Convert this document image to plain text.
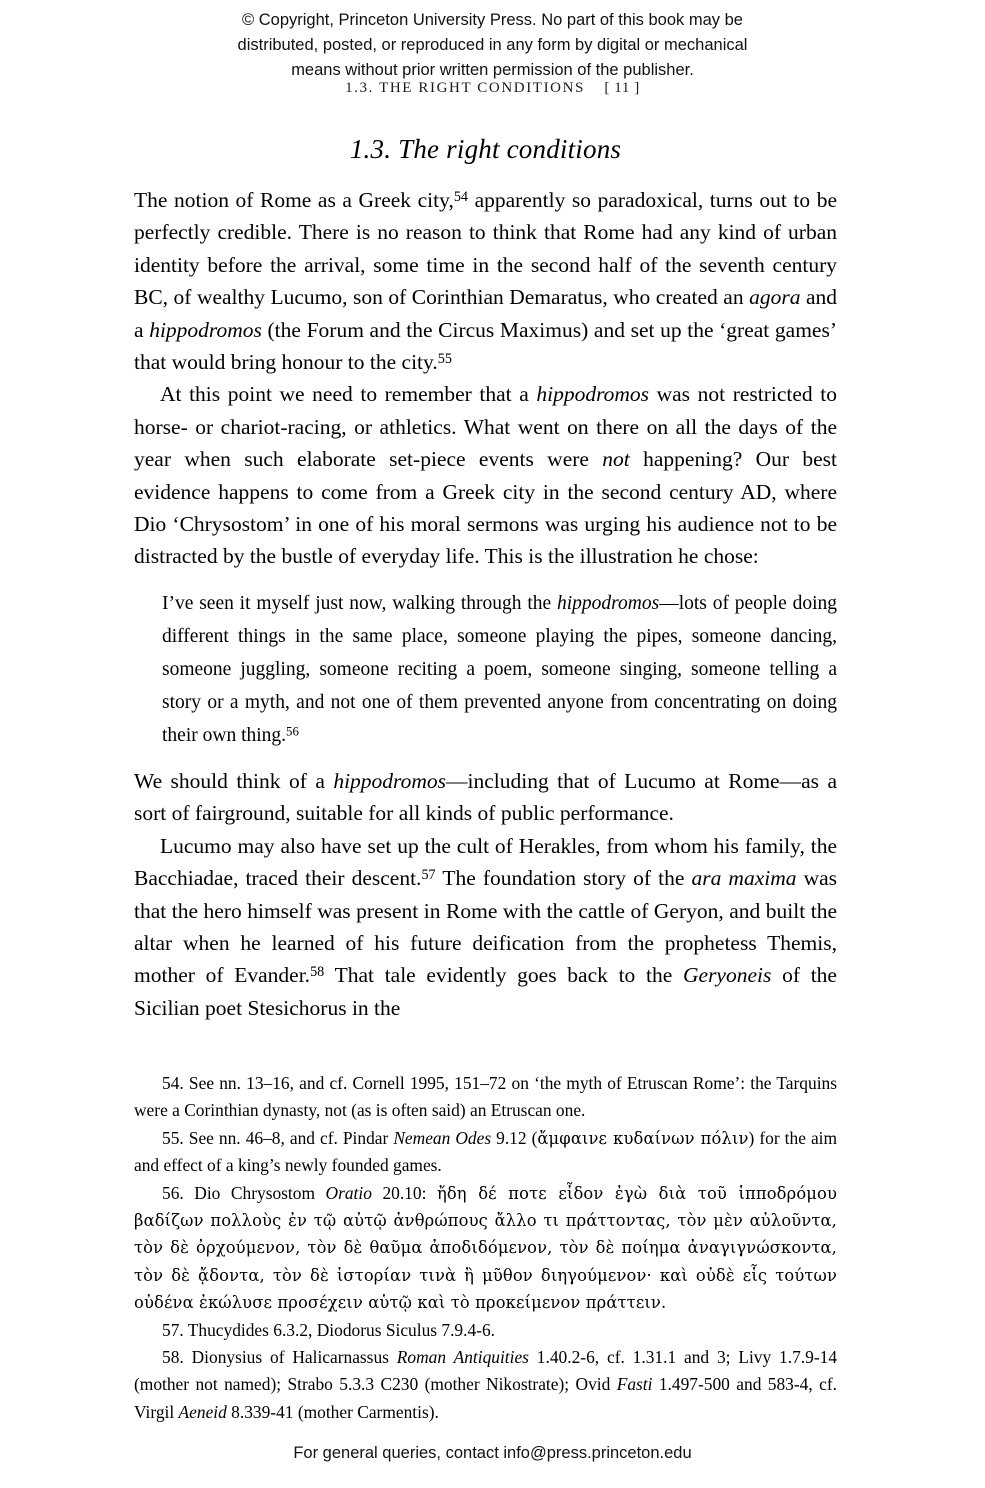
© Copyright, Princeton University Press. No part of this book may be
distributed, posted, or reproduced in any form by digital or mechanical
means without prior written permission of the publisher.
1.3. THE RIGHT CONDITIONS [ 11 ]
1.3. The right conditions

The notion of Rome as a Greek city,$^{54}$ apparently so paradoxical, turns out to be perfectly credible. There is no reason to think that Rome had any kind of urban identity before the arrival, some time in the second half of the seventh century BC, of wealthy Lucumo, son of Corinthian Demaratus, who created an agora and a hippodromos (the Forum and the Circus Maximus) and set up the ‘great games’ that would bring honour to the city.$^{55}$

At this point we need to remember that a hippodromos was not restricted to horse- or chariot-racing, or athletics. What went on there on all the days of the year when such elaborate set-piece events were not happening? Our best evidence happens to come from a Greek city in the second century AD, where Dio ‘Chrysostom’ in one of his moral sermons was urging his audience not to be distracted by the bustle of everyday life. This is the illustration he chose:

I’ve seen it myself just now, walking through the hippodromos—lots of people doing different things in the same place, someone playing the pipes, someone dancing, someone juggling, someone reciting a poem, someone singing, someone telling a story or a myth, and not one of them prevented anyone from concentrating on doing their own thing.$^{56}$

We should think of a hippodromos—including that of Lucumo at Rome—as a sort of fairground, suitable for all kinds of public performance.

Lucumo may also have set up the cult of Herakles, from whom his family, the Bacchiadae, traced their descent.$^{57}$ The foundation story of the ara maxima was that the hero himself was present in Rome with the cattle of Geryon, and built the altar when he learned of his future deification from the prophetess Themis, mother of Evander.$^{58}$ That tale evidently goes back to the Geryoneis of the Sicilian poet Stesichorus in the

54. See nn. 13–16, and cf. Cornell 1995, 151–72 on ‘the myth of Etruscan Rome’: the Tarquins were a Corinthian dynasty, not (as is often said) an Etruscan one.

55. See nn. 46–8, and cf. Pindar Nemean Odes 9.12 (ἄμφαινε κυδαίνων πόλιν) for the aim and effect of a king’s newly founded games.

56. Dio Chrysostom Oratio 20.10: ἤδη δέ ποτε εἶδον ἐγὼ διὰ τοῦ ἱπποδρόμου βαδίζων πολλοὺς ἐν τῷ αὐτῷ ἀνθρώπους ἄλλο τι πράττοντας, τὸν μὲν αὐλοῦντα, τὸν δὲ ὀρχούμενον, τὸν δὲ θαῦμα ἀποδιδόμενον, τὸν δὲ ποίημα ἀναγιγνώσκοντα, τὸν δὲ ᾄδοντα, τὸν δὲ ἱστορίαν τινὰ ἢ μῦθον διηγούμενον· καὶ οὐδὲ εἷς τούτων οὐδένα ἐκώλυσε προσέχειν αὑτῷ καὶ τὸ προκείμενον πράττειν.

57. Thucydides 6.3.2, Diodorus Siculus 7.9.4-6.

58. Dionysius of Halicarnassus Roman Antiquities 1.40.2-6, cf. 1.31.1 and 3; Livy 1.7.9-14 (mother not named); Strabo 5.3.3 C230 (mother Nikostrate); Ovid Fasti 1.497-500 and 583-4, cf. Virgil Aeneid 8.339-41 (mother Carmentis).

For general queries, contact info@press.princeton.edu
